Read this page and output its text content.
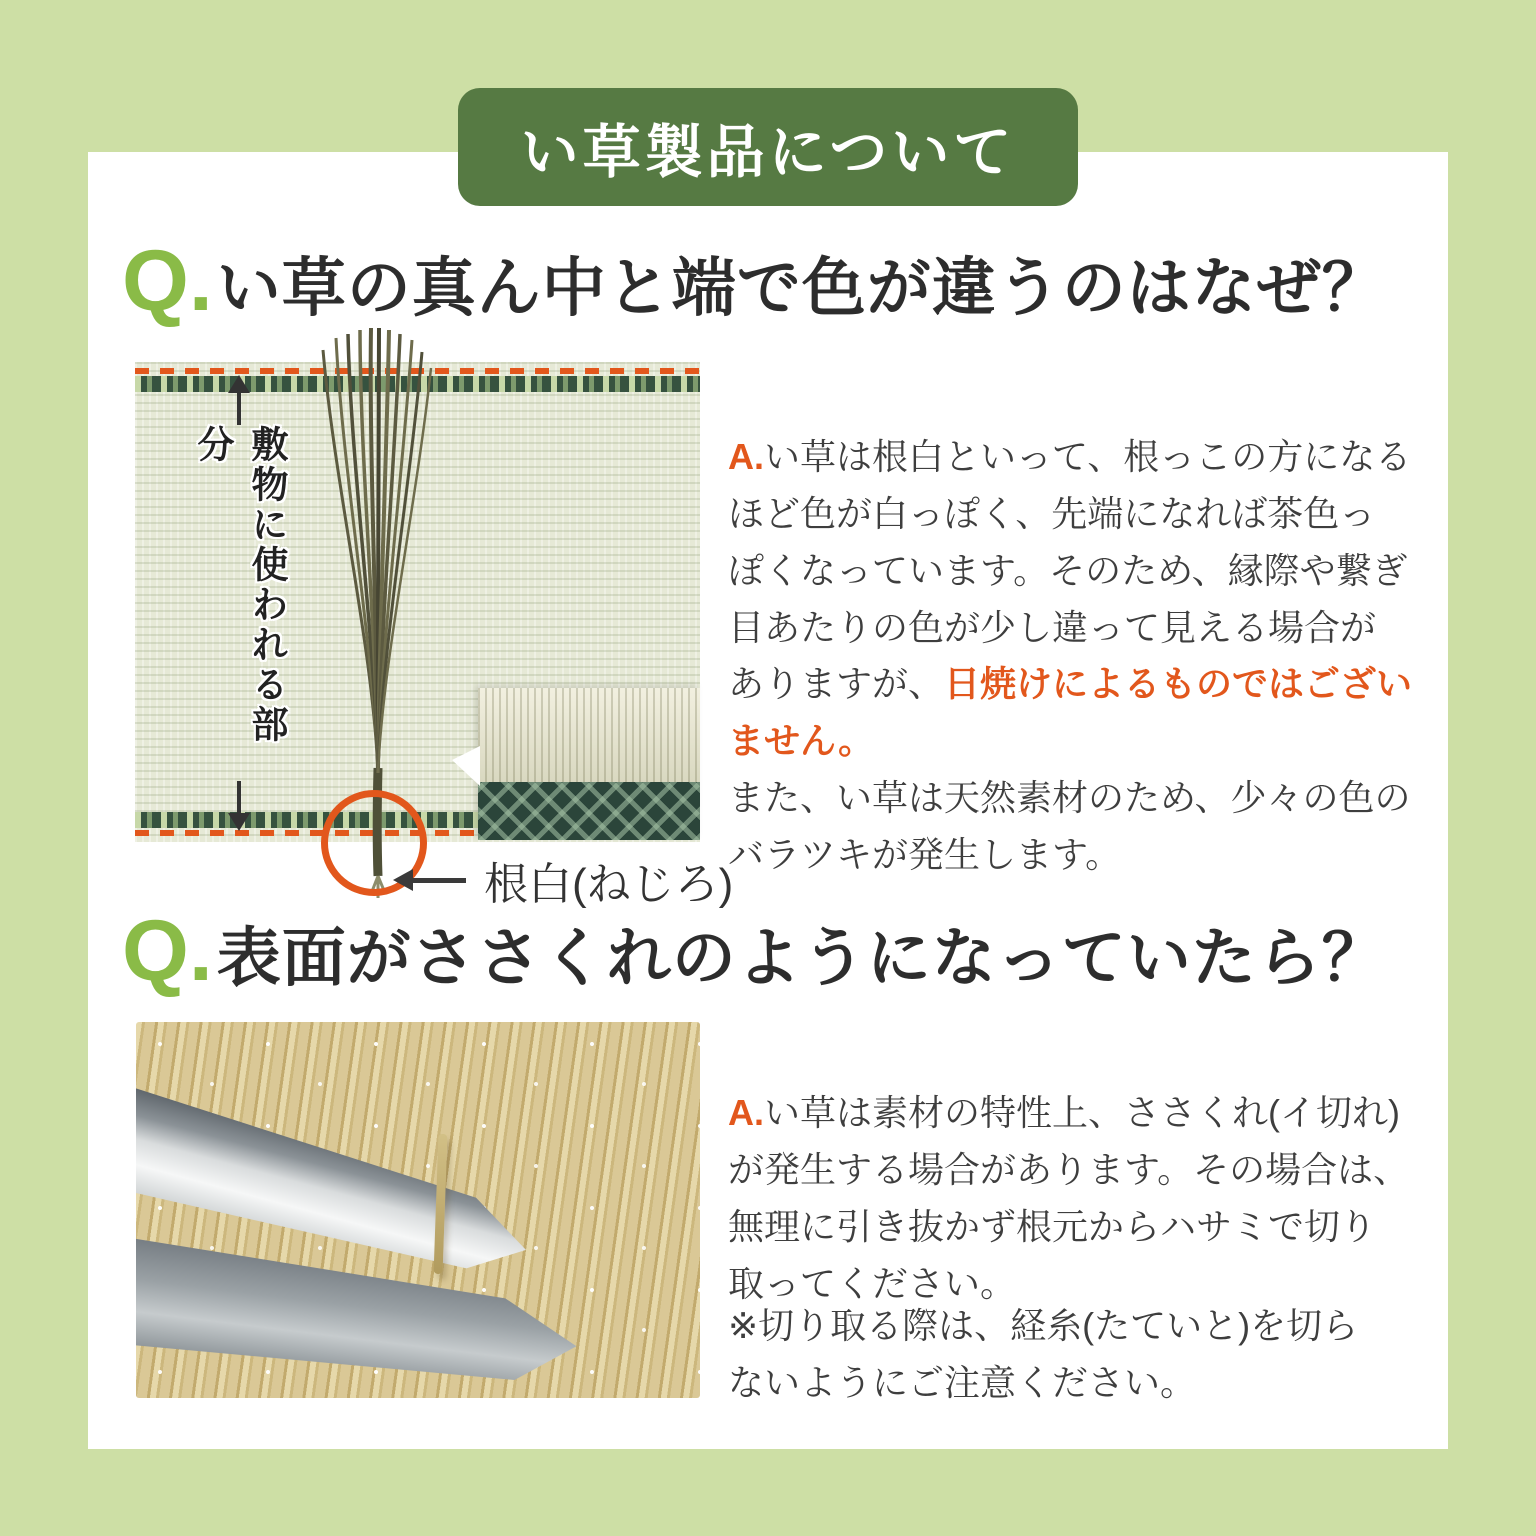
い草製品について
Q. い草の真ん中と端で色が違うのはなぜ？
敷物に使われる部分
根白(ねじろ)

A.い草は根白といって、根っこの方になる
ほど色が白っぽく、先端になれば茶色っ
ぽくなっています。そのため、縁際や繋ぎ
目あたりの色が少し違って見える場合が
ありますが、日焼けによるものではござい
ません。

また、い草は天然素材のため、少々の色の
バラツキが発生します。

Q. 表面がささくれのようになっていたら？

A.い草は素材の特性上、ささくれ(イ切れ)
が発生する場合があります。その場合は、
無理に引き抜かず根元からハサミで切り
取ってください。

※切り取る際は、経糸(たていと)を切ら
ないようにご注意ください。
